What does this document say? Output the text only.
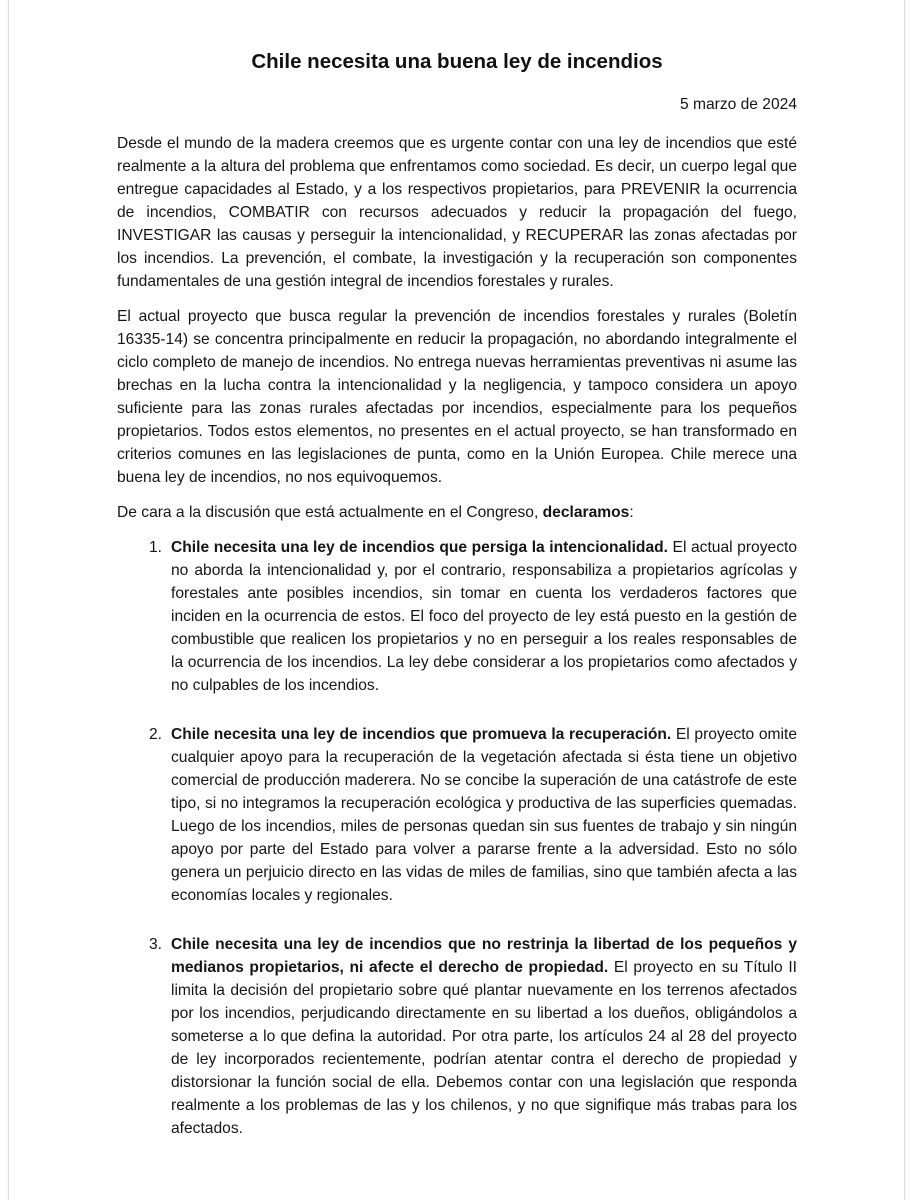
Chile necesita una buena ley de incendios
5 marzo de 2024

Desde el mundo de la madera creemos que es urgente contar con una ley de incendios que esté realmente a la altura del problema que enfrentamos como sociedad. Es decir, un cuerpo legal que entregue capacidades al Estado, y a los respectivos propietarios, para PREVENIR la ocurrencia de incendios, COMBATIR con recursos adecuados y reducir la propagación del fuego, INVESTIGAR las causas y perseguir la intencionalidad, y RECUPERAR las zonas afectadas por los incendios. La prevención, el combate, la investigación y la recuperación son componentes fundamentales de una gestión integral de incendios forestales y rurales.

El actual proyecto que busca regular la prevención de incendios forestales y rurales (Boletín 16335-14) se concentra principalmente en reducir la propagación, no abordando integralmente el ciclo completo de manejo de incendios. No entrega nuevas herramientas preventivas ni asume las brechas en la lucha contra la intencionalidad y la negligencia, y tampoco considera un apoyo suficiente para las zonas rurales afectadas por incendios, especialmente para los pequeños propietarios. Todos estos elementos, no presentes en el actual proyecto, se han transformado en criterios comunes en las legislaciones de punta, como en la Unión Europea. Chile merece una buena ley de incendios, no nos equivoquemos.

De cara a la discusión que está actualmente en el Congreso, declaramos:

1. Chile necesita una ley de incendios que persiga la intencionalidad. El actual proyecto no aborda la intencionalidad y, por el contrario, responsabiliza a propietarios agrícolas y forestales ante posibles incendios, sin tomar en cuenta los verdaderos factores que inciden en la ocurrencia de estos. El foco del proyecto de ley está puesto en la gestión de combustible que realicen los propietarios y no en perseguir a los reales responsables de la ocurrencia de los incendios. La ley debe considerar a los propietarios como afectados y no culpables de los incendios.
2. Chile necesita una ley de incendios que promueva la recuperación. El proyecto omite cualquier apoyo para la recuperación de la vegetación afectada si ésta tiene un objetivo comercial de producción maderera. No se concibe la superación de una catástrofe de este tipo, si no integramos la recuperación ecológica y productiva de las superficies quemadas. Luego de los incendios, miles de personas quedan sin sus fuentes de trabajo y sin ningún apoyo por parte del Estado para volver a pararse frente a la adversidad. Esto no sólo genera un perjuicio directo en las vidas de miles de familias, sino que también afecta a las economías locales y regionales.
3. Chile necesita una ley de incendios que no restrinja la libertad de los pequeños y medianos propietarios, ni afecte el derecho de propiedad. El proyecto en su Título II limita la decisión del propietario sobre qué plantar nuevamente en los terrenos afectados por los incendios, perjudicando directamente en su libertad a los dueños, obligándolos a someterse a lo que defina la autoridad. Por otra parte, los artículos 24 al 28 del proyecto de ley incorporados recientemente, podrían atentar contra el derecho de propiedad y distorsionar la función social de ella. Debemos contar con una legislación que responda realmente a los problemas de las y los chilenos, y no que signifique más trabas para los afectados.
